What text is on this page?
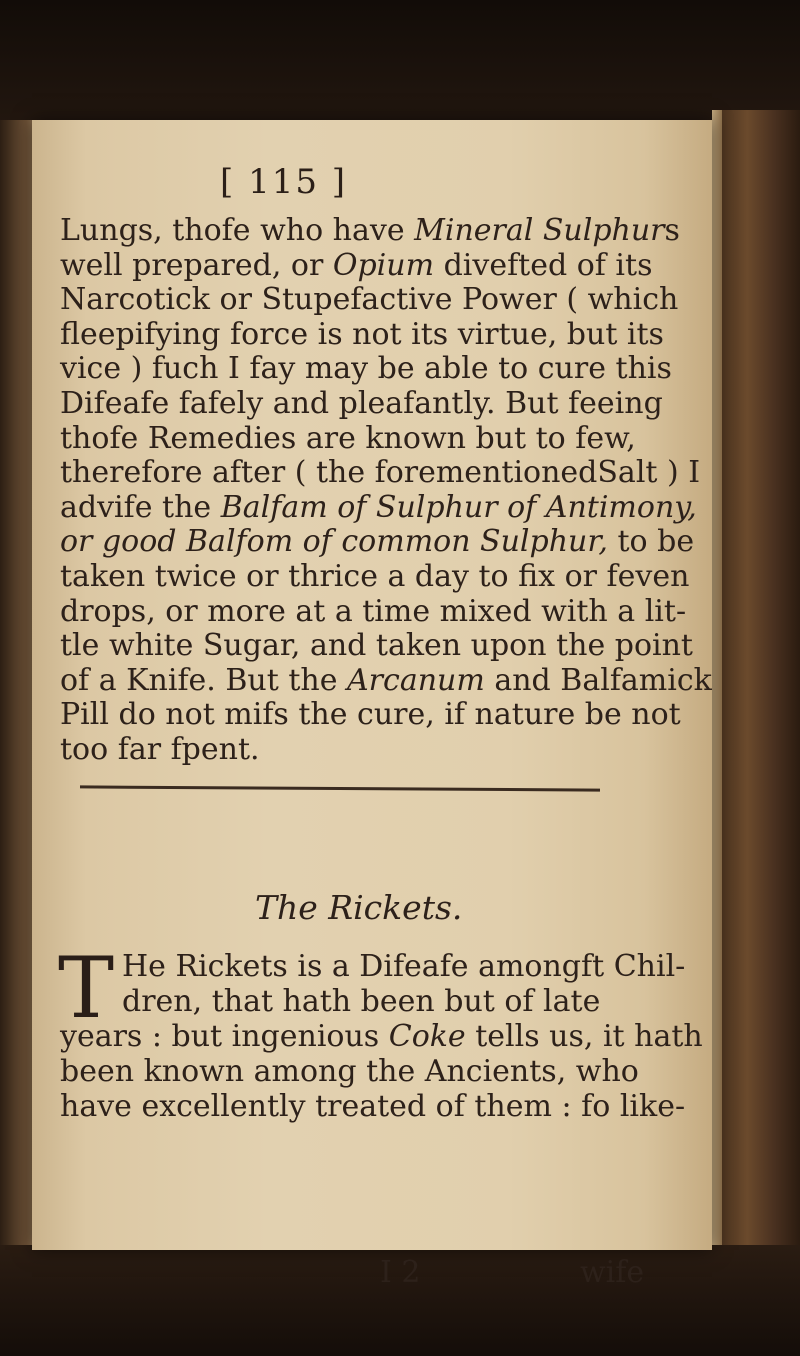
[ 115 ]
Lungs, thofe who have Mineral Sulphurs
well prepared, or Opium divefted of its
Narcotick or Stupefactive Power ( which
fleepifying force is not its virtue, but its
vice ) fuch I fay may be able to cure this
Difeafe fafely and pleafantly. But feeing
thofe Remedies are known but to few,
therefore after ( the forementionedSalt ) I
advife the Balfam of Sulphur of Antimony,
or good Balfom of common Sulphur, to be
taken twice or thrice a day to fix or feven
drops, or more at a time mixed with a lit-
tle white Sugar, and taken upon the point
of a Knife. But the Arcanum and Balfamick
Pill do not mifs the cure, if nature be not
too far fpent.
The Rickets.
T He Rickets is a Difeafe amongft Chil-
dren, that hath been but of late
years : but ingenious Coke tells us, it hath
been known among the Ancients, who
have excellently treated of them : fo like-
I 2	wife
